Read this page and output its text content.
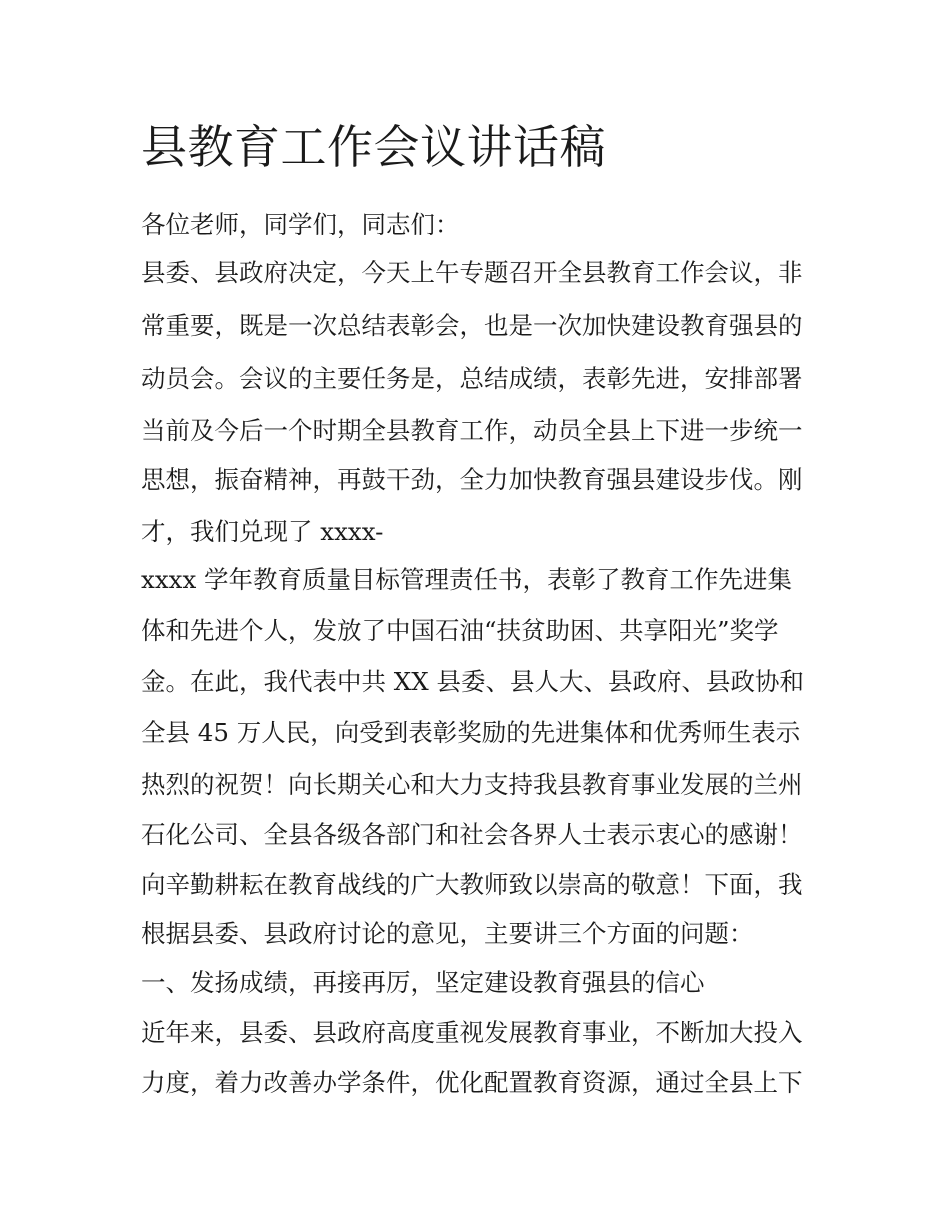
县教育工作会议讲话稿
各位老师，同学们，同志们：
县委、县政府决定，今天上午专题召开全县教育工作会议，非
常重要，既是一次总结表彰会，也是一次加快建设教育强县的
动员会。会议的主要任务是，总结成绩，表彰先进，安排部署
当前及今后一个时期全县教育工作，动员全县上下进一步统一
思想，振奋精神，再鼓干劲，全力加快教育强县建设步伐。刚
才，我们兑现了 xxxx-
xxxx 学年教育质量目标管理责任书，表彰了教育工作先进集
体和先进个人，发放了中国石油“扶贫助困、共享阳光”奖学
金。在此，我代表中共 XX 县委、县人大、县政府、县政协和
全县 45 万人民，向受到表彰奖励的先进集体和优秀师生表示
热烈的祝贺！向长期关心和大力支持我县教育事业发展的兰州
石化公司、全县各级各部门和社会各界人士表示衷心的感谢！
向辛勤耕耘在教育战线的广大教师致以崇高的敬意！下面，我
根据县委、县政府讨论的意见，主要讲三个方面的问题：
一、发扬成绩，再接再厉，坚定建设教育强县的信心
近年来，县委、县政府高度重视发展教育事业，不断加大投入
力度，着力改善办学条件，优化配置教育资源，通过全县上下
